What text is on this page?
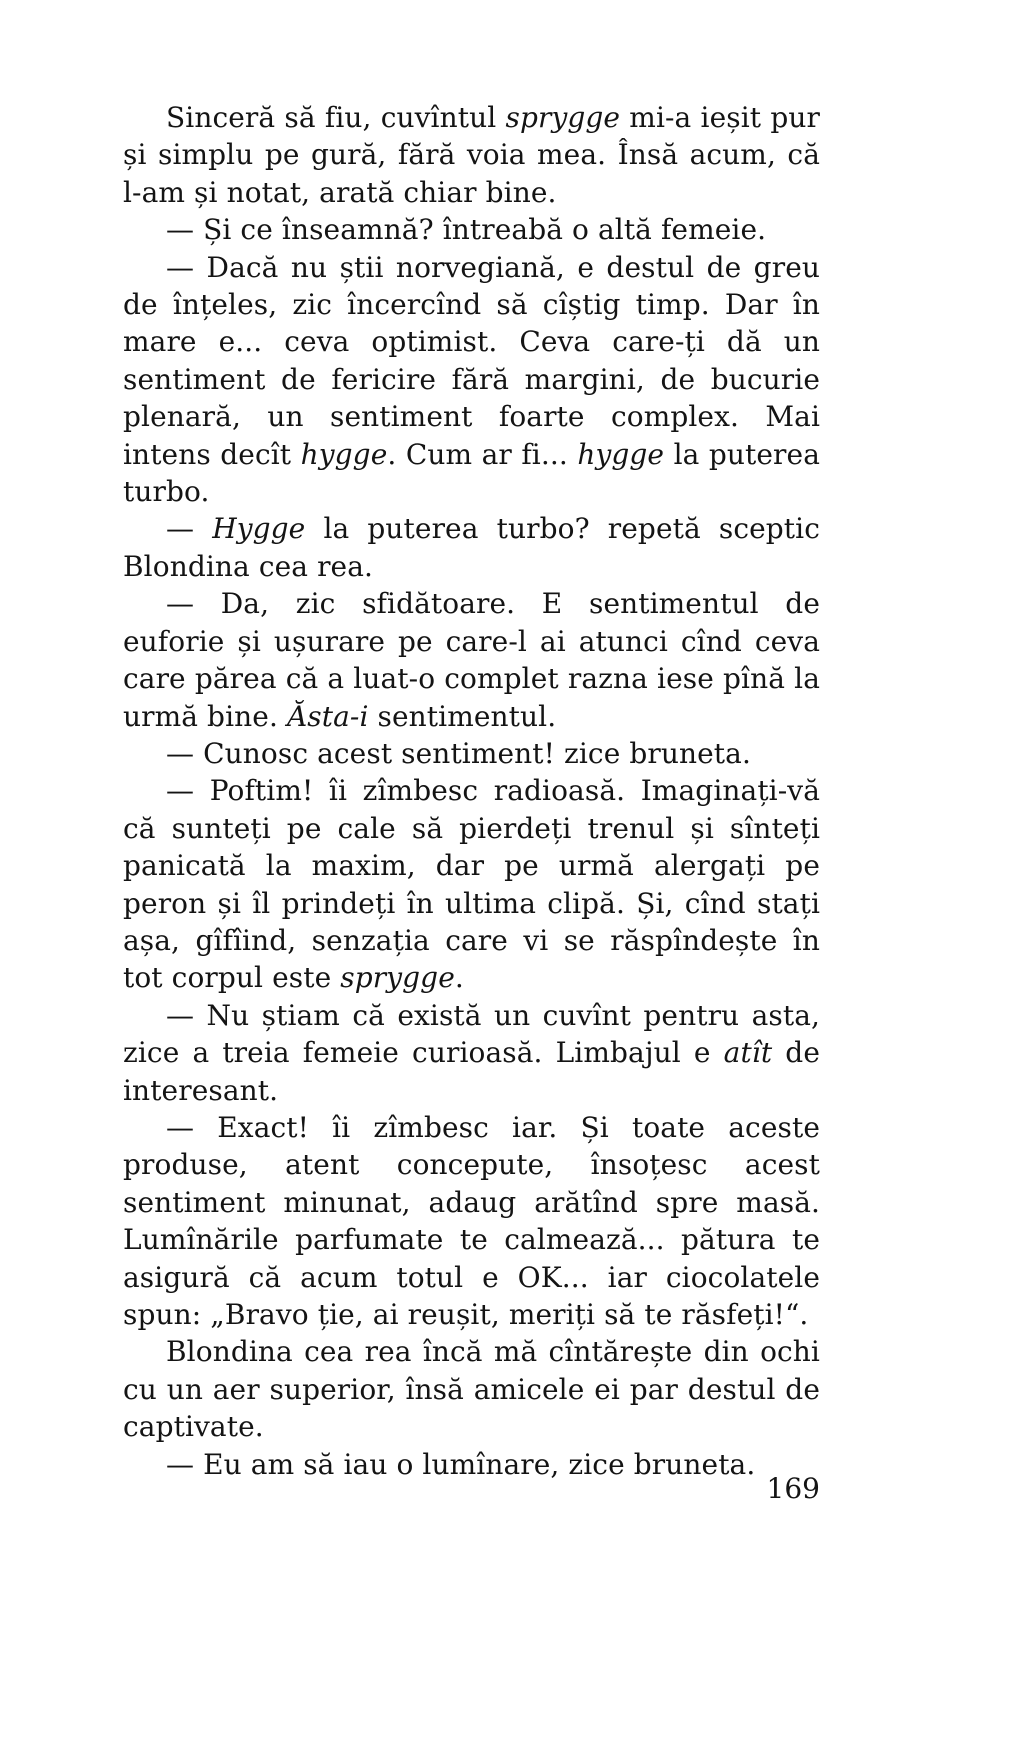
Sinceră să fiu, cuvîntul sprygge mi-a ieșit pur și simplu pe gură, fără voia mea. Însă acum, că l-am și notat, arată chiar bine.

— Și ce înseamnă? întreabă o altă femeie.

— Dacă nu știi norvegiană, e destul de greu de înțeles, zic încercînd să cîștig timp. Dar în mare e... ceva optimist. Ceva care-ți dă un sentiment de fericire fără margini, de bucurie plenară, un sentiment foarte complex. Mai intens decît hygge. Cum ar fi... hygge la puterea turbo.

— Hygge la puterea turbo? repetă sceptic Blondina cea rea.

— Da, zic sfidătoare. E sentimentul de euforie și ușurare pe care-l ai atunci cînd ceva care părea că a luat-o complet razna iese pînă la urmă bine. Ăsta-i sentimentul.

— Cunosc acest sentiment! zice bruneta.

— Poftim! îi zîmbesc radioasă. Imaginați-vă că sunteți pe cale să pierdeți trenul și sînteți panicată la maxim, dar pe urmă alergați pe peron și îl prindeți în ultima clipă. Și, cînd stați așa, gîfîind, senzația care vi se răspîndește în tot corpul este sprygge.

— Nu știam că există un cuvînt pentru asta, zice a treia femeie curioasă. Limbajul e atît de interesant.

— Exact! îi zîmbesc iar. Și toate aceste produse, atent concepute, însoțesc acest sentiment minunat, adaug arătînd spre masă. Lumînările parfumate te calmează... pătura te asigură că acum totul e OK... iar ciocolatele spun: „Bravo ție, ai reușit, meriți să te răsfeți!“.

Blondina cea rea încă mă cîntărește din ochi cu un aer superior, însă amicele ei par destul de captivate.

— Eu am să iau o lumînare, zice bruneta.

169
